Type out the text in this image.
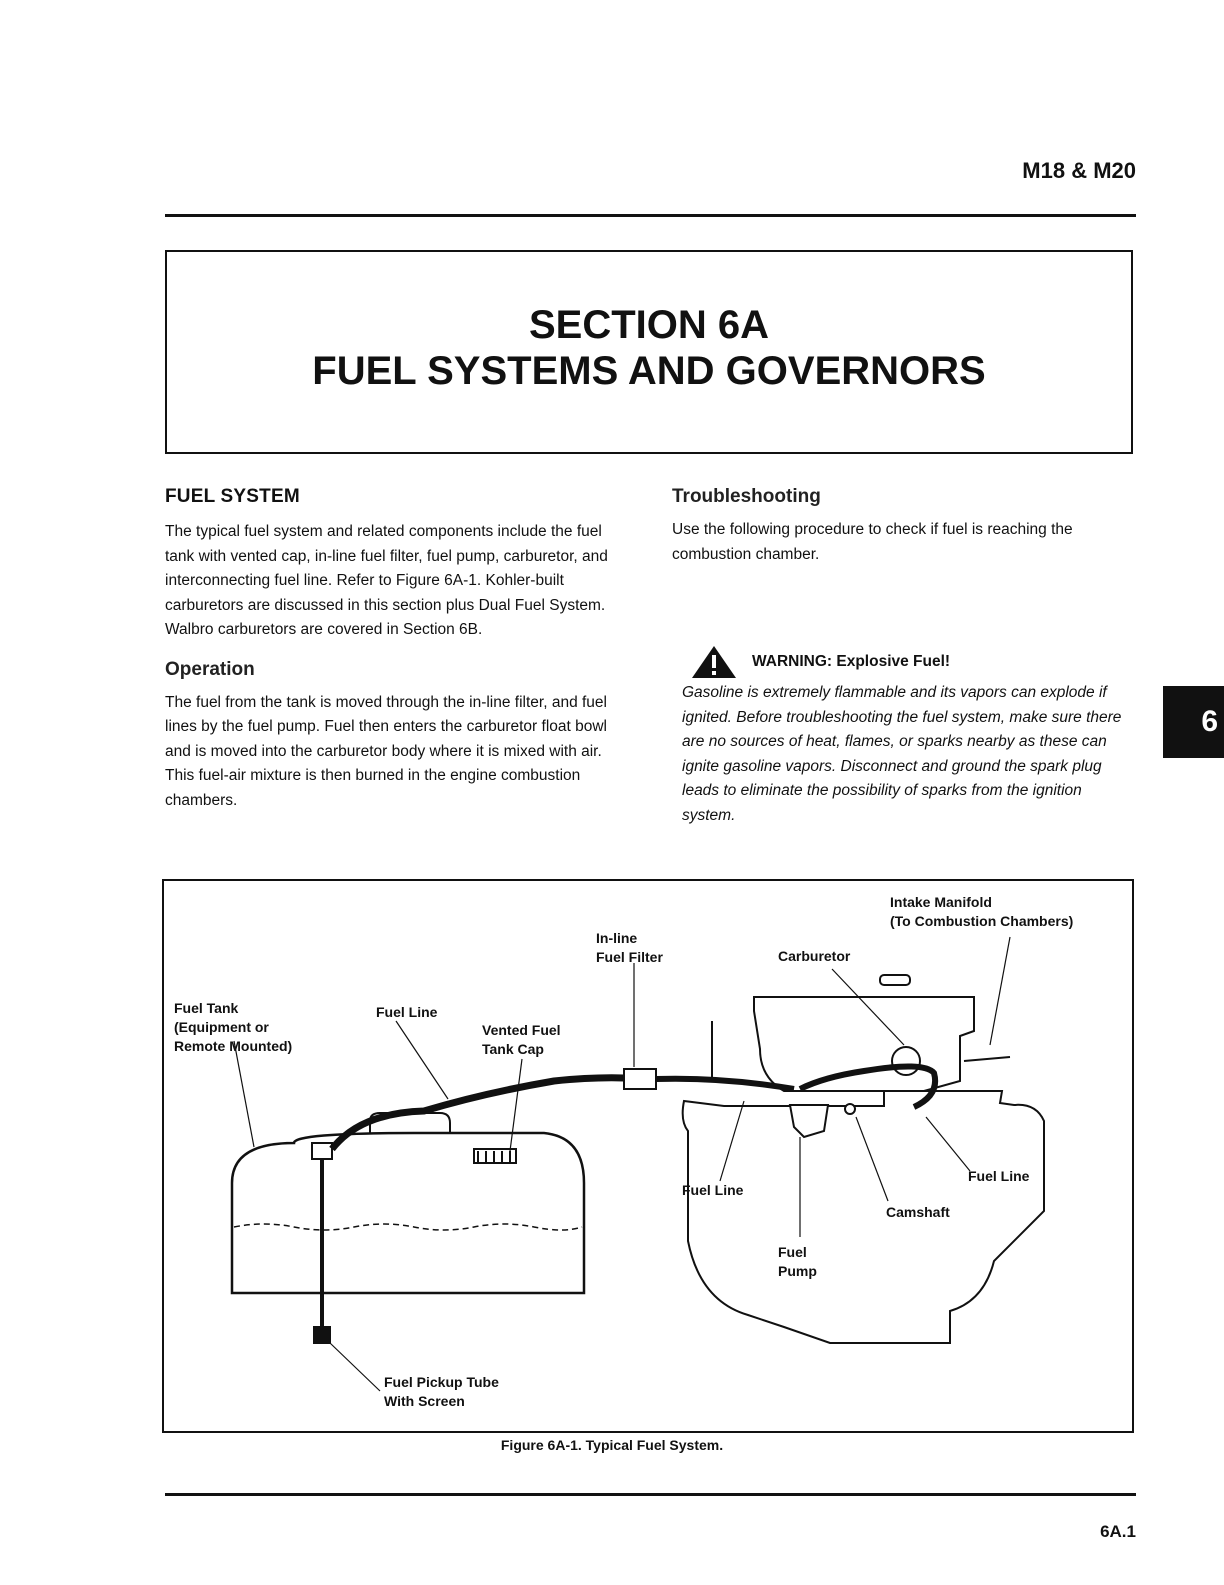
M18 & M20
SECTION 6A
FUEL SYSTEMS AND GOVERNORS
FUEL SYSTEM

The typical fuel system and related components include the fuel tank with vented cap, in-line fuel filter, fuel pump, carburetor, and interconnecting fuel line. Refer to Figure 6A-1. Kohler-built carburetors are discussed in this section plus Dual Fuel System. Walbro carburetors are covered in Section 6B.

Operation

The fuel from the tank is moved through the in-line filter, and fuel lines by the fuel pump. Fuel then enters the carburetor float bowl and is moved into the carburetor body where it is mixed with air. This fuel-air mixture is then burned in the engine combustion chambers.

Troubleshooting

Use the following procedure to check if fuel is reaching the combustion chamber.

WARNING: Explosive Fuel!

Gasoline is extremely flammable and its vapors can explode if ignited. Before troubleshooting the fuel system, make sure there are no sources of heat, flames, or sparks nearby as these can ignite gasoline vapors. Disconnect and ground the spark plug leads to eliminate the possibility of sparks from the ignition system.

6
Intake Manifold
(To Combustion Chambers)
In-line
Fuel Filter	Carburetor
Fuel Tank
(Equipment or
Remote Mounted)
Fuel Line
Vented Fuel
Tank Cap
Fuel Line
Fuel Line
Camshaft
Fuel
Pump
Fuel Pickup Tube
With Screen
Figure 6A-1. Typical Fuel System.
6A.1
